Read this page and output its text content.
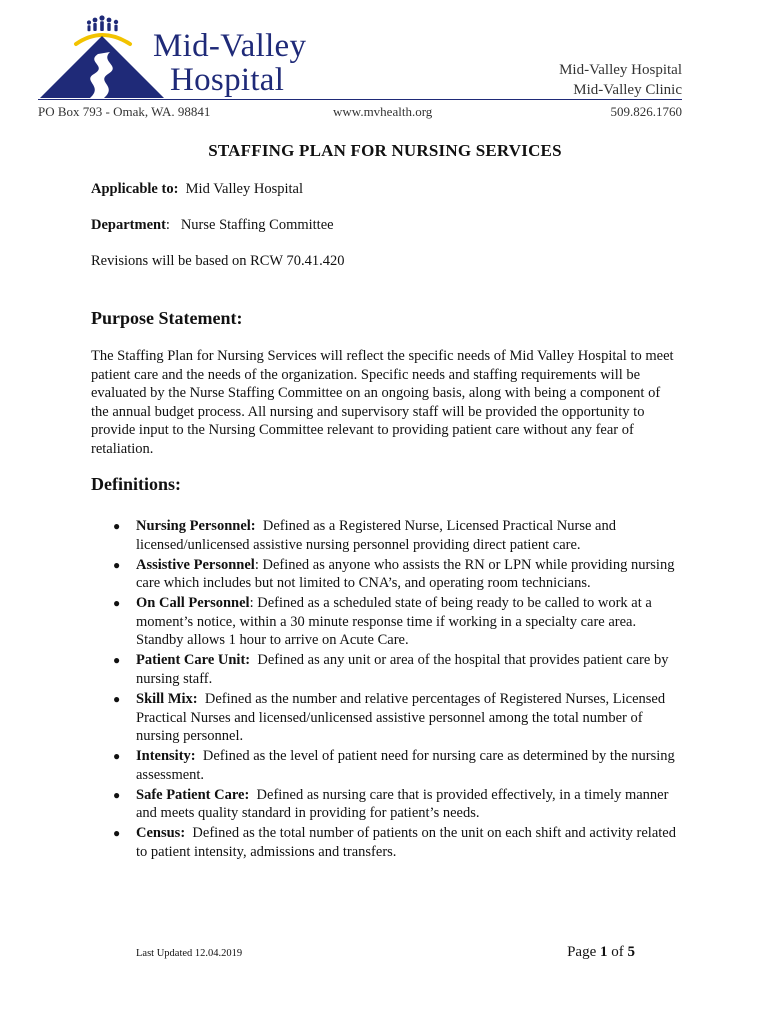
Mid-Valley
Hospital	Mid-Valley Hospital
Mid-Valley Clinic
PO Box 793 - Omak, WA. 98841	www.mvhealth.org	509.826.1760
STAFFING PLAN FOR NURSING SERVICES
Applicable to: Mid Valley Hospital
Department:   Nurse Staffing Committee
Revisions will be based on RCW 70.41.420
Purpose Statement:
The Staffing Plan for Nursing Services will reflect the specific needs of Mid Valley Hospital to meet patient care and the needs of the organization. Specific needs and staffing requirements will be evaluated by the Nurse Staffing Committee on an ongoing basis, along with being a component of the annual budget process. All nursing and supervisory staff will be provided the opportunity to provide input to the Nursing Committee relevant to providing patient care without any fear of retaliation.
Definitions:
● Nursing Personnel: Defined as a Registered Nurse, Licensed Practical Nurse and licensed/unlicensed assistive nursing personnel providing direct patient care.
● Assistive Personnel: Defined as anyone who assists the RN or LPN while providing nursing care which includes but not limited to CNA’s, and operating room technicians.
● On Call Personnel: Defined as a scheduled state of being ready to be called to work at a moment’s notice, within a 30 minute response time if working in a specialty care area. Standby allows 1 hour to arrive on Acute Care.
● Patient Care Unit: Defined as any unit or area of the hospital that provides patient care by nursing staff.
● Skill Mix: Defined as the number and relative percentages of Registered Nurses, Licensed Practical Nurses and licensed/unlicensed assistive personnel among the total number of nursing personnel.
● Intensity: Defined as the level of patient need for nursing care as determined by the nursing assessment.
● Safe Patient Care: Defined as nursing care that is provided effectively, in a timely manner and meets quality standard in providing for patient’s needs.
● Census: Defined as the total number of patients on the unit on each shift and activity related to patient intensity, admissions and transfers.
Last Updated 12.04.2019	Page 1 of 5
